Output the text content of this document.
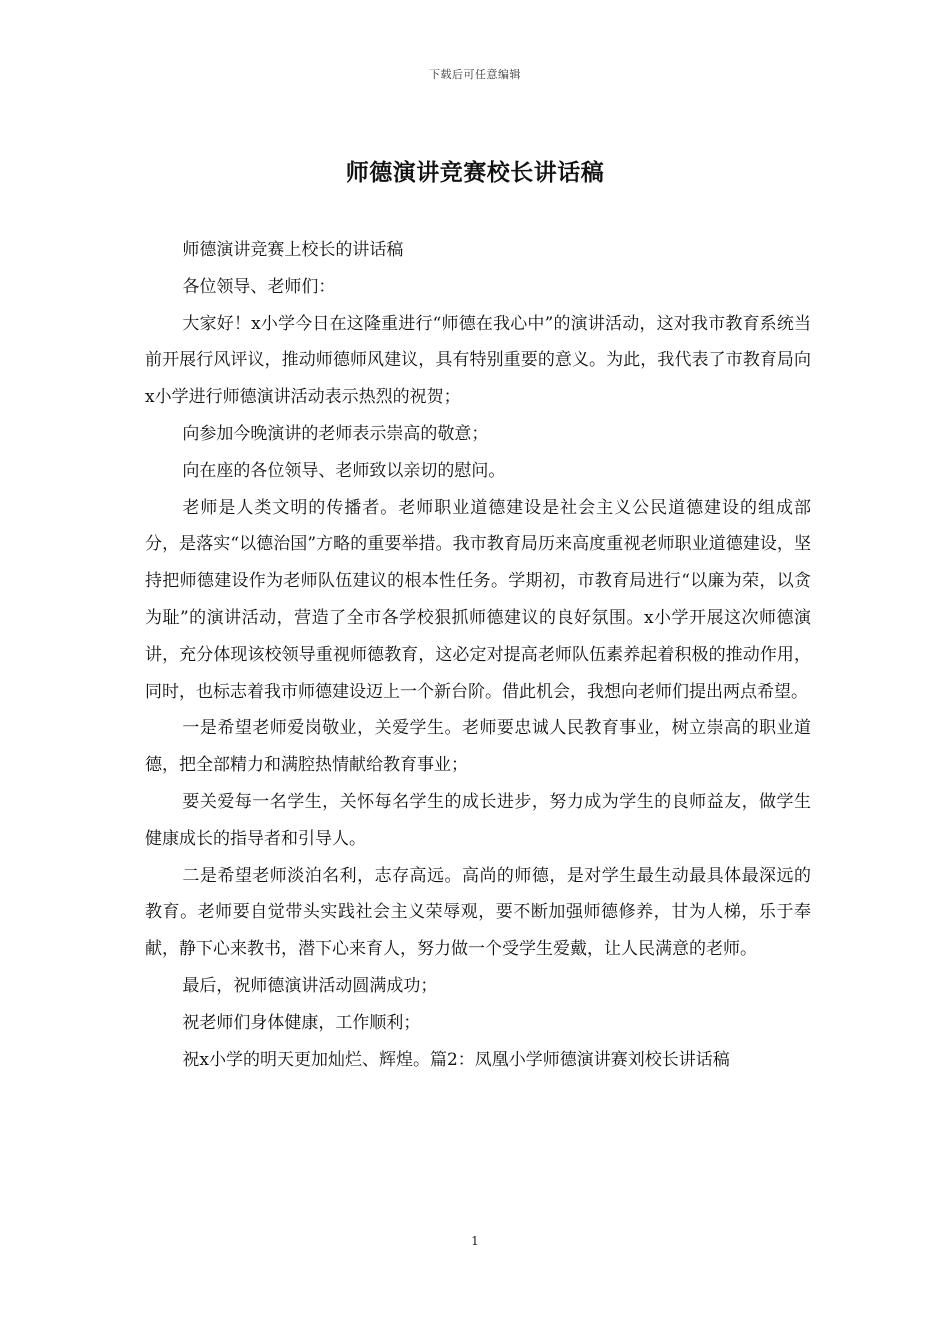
下载后可任意编辑
师德演讲竞赛校长讲话稿

师德演讲竞赛上校长的讲话稿

各位领导、老师们：

大家好！x小学今日在这隆重进行“师德在我心中”的演讲活动，这对我市教育系统当前开展行风评议，推动师德师风建议，具有特别重要的意义。为此，我代表了市教育局向x小学进行师德演讲活动表示热烈的祝贺；

向参加今晚演讲的老师表示崇高的敬意；

向在座的各位领导、老师致以亲切的慰问。

老师是人类文明的传播者。老师职业道德建设是社会主义公民道德建设的组成部分，是落实“以德治国”方略的重要举措。我市教育局历来高度重视老师职业道德建设，坚持把师德建设作为老师队伍建议的根本性任务。学期初，市教育局进行“以廉为荣，以贪为耻”的演讲活动，营造了全市各学校狠抓师德建议的良好氛围。x小学开展这次师德演讲，充分体现该校领导重视师德教育，这必定对提高老师队伍素养起着积极的推动作用，同时，也标志着我市师德建设迈上一个新台阶。借此机会，我想向老师们提出两点希望。

一是希望老师爱岗敬业，关爱学生。老师要忠诚人民教育事业，树立崇高的职业道德，把全部精力和满腔热情献给教育事业；

要关爱每一名学生，关怀每名学生的成长进步，努力成为学生的良师益友，做学生健康成长的指导者和引导人。

二是希望老师淡泊名利，志存高远。高尚的师德，是对学生最生动最具体最深远的教育。老师要自觉带头实践社会主义荣辱观，要不断加强师德修养，甘为人梯，乐于奉献，静下心来教书，潜下心来育人，努力做一个受学生爱戴，让人民满意的老师。

最后，祝师德演讲活动圆满成功；

祝老师们身体健康，工作顺利；

祝x小学的明天更加灿烂、辉煌。篇2：凤凰小学师德演讲赛刘校长讲话稿

1
